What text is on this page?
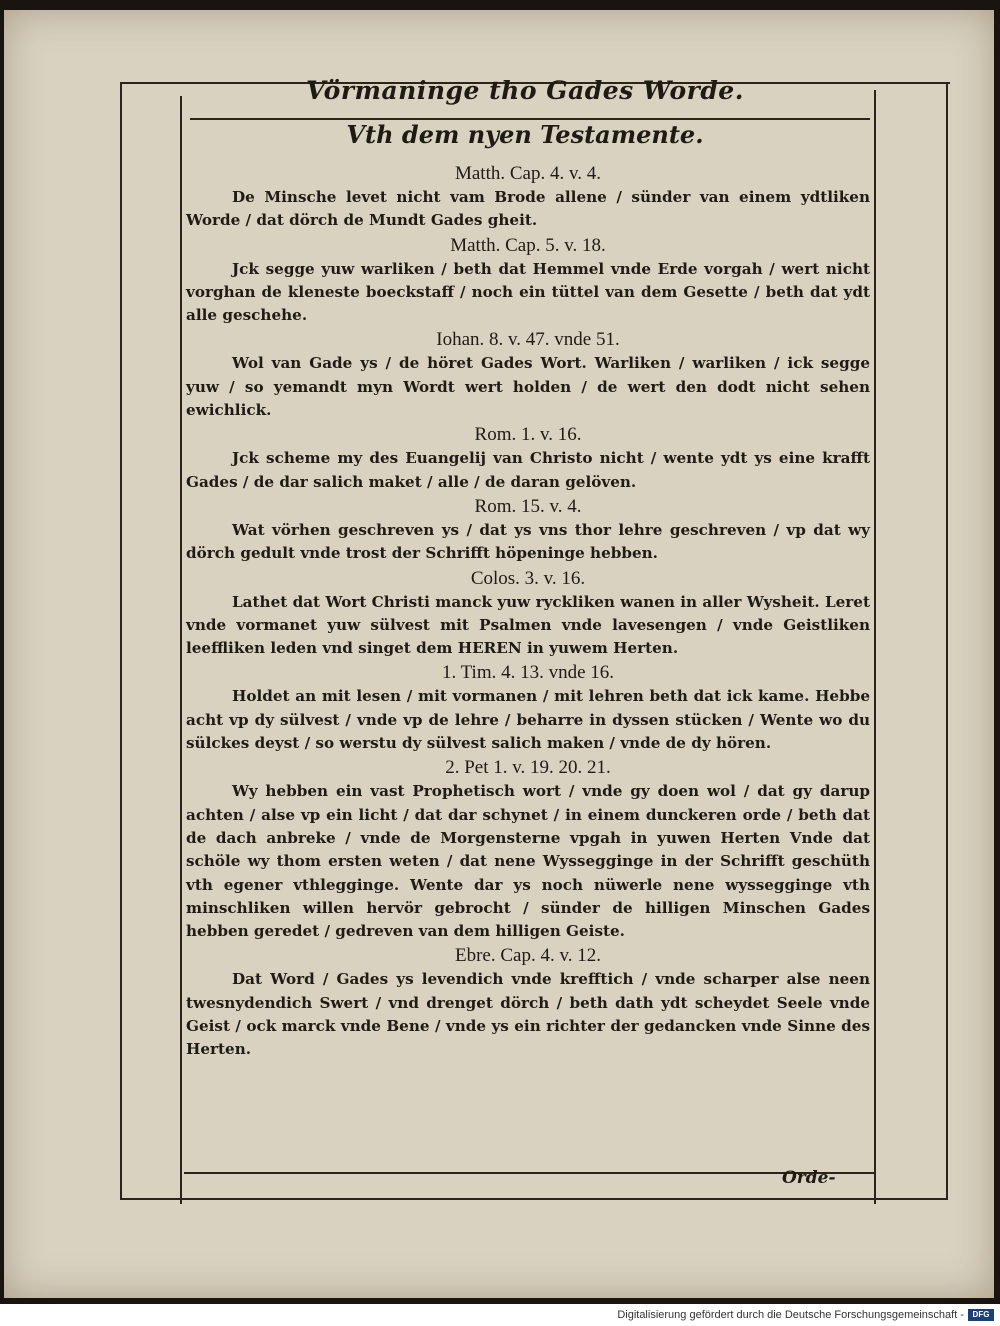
Vörmaninge tho Gades Worde.
Vth dem nyen Testamente.

Matth. Cap. 4. v. 4.

De Minsche levet nicht vam Brode allene / sünder van einem ydtliken Worde / dat dörch de Mundt Gades gheit.

Matth. Cap. 5. v. 18.

Jck segge yuw warliken / beth dat Hemmel vnde Erde vorgah / wert nicht vorghan de kleneste boeckstaff / noch ein tüttel van dem Gesette / beth dat ydt alle geschehe.

Iohan. 8. v. 47. vnde 51.

Wol van Gade ys / de höret Gades Wort. Warliken / warliken / ick segge yuw / so yemandt myn Wordt wert holden / de wert den dodt nicht sehen ewichlick.

Rom. 1. v. 16.

Jck scheme my des Euangelij van Christo nicht / wente ydt ys eine krafft Gades / de dar salich maket / alle / de daran gelöven.

Rom. 15. v. 4.

Wat vörhen geschreven ys / dat ys vns thor lehre geschreven / vp dat wy dörch gedult vnde trost der Schrifft höpeninge hebben.

Colos. 3. v. 16.

Lathet dat Wort Christi manck yuw ryckliken wanen in aller Wysheit. Leret vnde vormanet yuw sülvest mit Psalmen vnde lavesengen / vnde Geistliken leeffliken leden vnd singet dem HEREN in yuwem Herten.

1. Tim. 4. 13. vnde 16.

Holdet an mit lesen / mit vormanen / mit lehren beth dat ick kame. Hebbe acht vp dy sülvest / vnde vp de lehre / beharre in dyssen stücken / Wente wo du sülckes deyst / so werstu dy sülvest salich maken / vnde de dy hören.

2. Pet 1. v. 19. 20. 21.

Wy hebben ein vast Prophetisch wort / vnde gy doen wol / dat gy darup achten / alse vp ein licht / dat dar schynet / in einem dunckeren orde / beth dat de dach anbreke / vnde de Morgensterne vpgah in yuwen Herten Vnde dat schöle wy thom ersten weten / dat nene Wyssegginge in der Schrifft geschüth vth egener vthlegginge. Wente dar ys noch nüwerle nene wyssegginge vth minschliken willen hervör gebrocht / sünder de hilligen Minschen Gades hebben geredet / gedreven van dem hilligen Geiste.

Ebre. Cap. 4. v. 12.

Dat Word / Gades ys levendich vnde krefftich / vnde scharper alse neen twesnydendich Swert / vnd drenget dörch / beth dath ydt scheydet Seele vnde Geist / ock marck vnde Bene / vnde ys ein richter der gedancken vnde Sinne des Herten.

Orde-
Digitalisierung gefördert durch die Deutsche Forschungsgemeinschaft -	DFG
